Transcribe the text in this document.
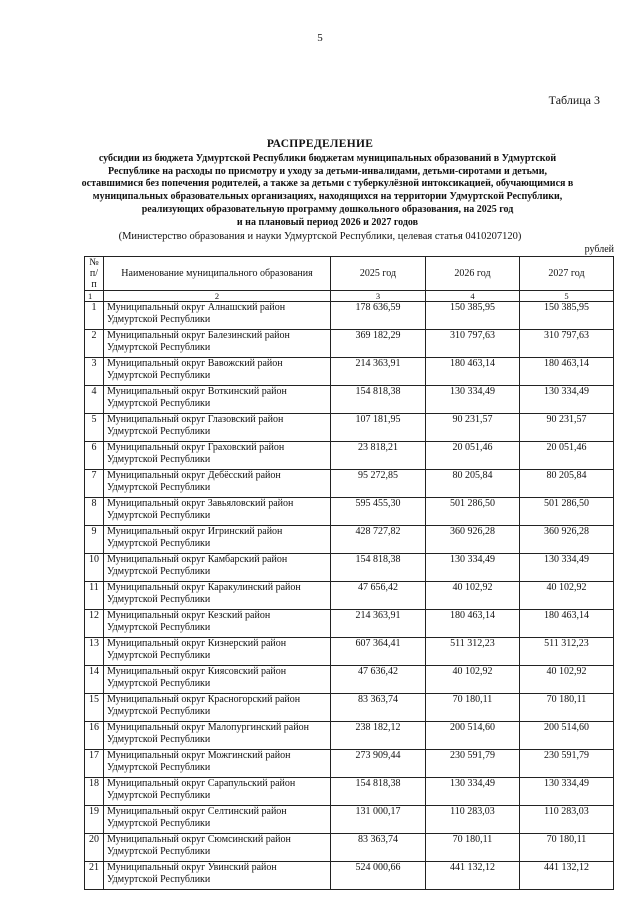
5
Таблица 3
РАСПРЕДЕЛЕНИЕ
субсидии из бюджета Удмуртской Республики бюджетам муниципальных образований в Удмуртской
Республике на расходы по присмотру и уходу за детьми-инвалидами, детьми-сиротами и детьми,
оставшимися без попечения родителей, а также за детьми с туберкулёзной интоксикацией, обучающимися в
муниципальных образовательных организациях, находящихся на территории Удмуртской Республики,
реализующих образовательную программу дошкольного образования, на 2025 год
и на плановый период 2026 и 2027 годов
(Министерство образования и науки Удмуртской Республики, целевая статья 0410207120)
рублей
№ п/п	Наименование муниципального образования	2025 год	2026 год	2027 год
1	2	3	4	5
1	Муниципальный округ Алнашский район
Удмуртской Республики	178 636,59	150 385,95	150 385,95
2	Муниципальный округ Балезинский район
Удмуртской Республики	369 182,29	310 797,63	310 797,63
3	Муниципальный округ Вавожский район
Удмуртской Республики	214 363,91	180 463,14	180 463,14
4	Муниципальный округ Воткинский район
Удмуртской Республики	154 818,38	130 334,49	130 334,49
5	Муниципальный округ Глазовский район
Удмуртской Республики	107 181,95	90 231,57	90 231,57
6	Муниципальный округ Граховский район
Удмуртской Республики	23 818,21	20 051,46	20 051,46
7	Муниципальный округ Дебёсский район
Удмуртской Республики	95 272,85	80 205,84	80 205,84
8	Муниципальный округ Завьяловский район
Удмуртской Республики	595 455,30	501 286,50	501 286,50
9	Муниципальный округ Игринский район
Удмуртской Республики	428 727,82	360 926,28	360 926,28
10	Муниципальный округ Камбарский район
Удмуртской Республики	154 818,38	130 334,49	130 334,49
11	Муниципальный округ Каракулинский район
Удмуртской Республики	47 656,42	40 102,92	40 102,92
12	Муниципальный округ Кезский район
Удмуртской Республики	214 363,91	180 463,14	180 463,14
13	Муниципальный округ Кизнерский район
Удмуртской Республики	607 364,41	511 312,23	511 312,23
14	Муниципальный округ Киясовский район
Удмуртской Республики	47 636,42	40 102,92	40 102,92
15	Муниципальный округ Красногорский район
Удмуртской Республики	83 363,74	70 180,11	70 180,11
16	Муниципальный округ Малопургинский район
Удмуртской Республики	238 182,12	200 514,60	200 514,60
17	Муниципальный округ Можгинский район
Удмуртской Республики	273 909,44	230 591,79	230 591,79
18	Муниципальный округ Сарапульский район
Удмуртской Республики	154 818,38	130 334,49	130 334,49
19	Муниципальный округ Селтинский район
Удмуртской Республики	131 000,17	110 283,03	110 283,03
20	Муниципальный округ Сюмсинский район
Удмуртской Республики	83 363,74	70 180,11	70 180,11
21	Муниципальный округ Увинский район
Удмуртской Республики	524 000,66	441 132,12	441 132,12
